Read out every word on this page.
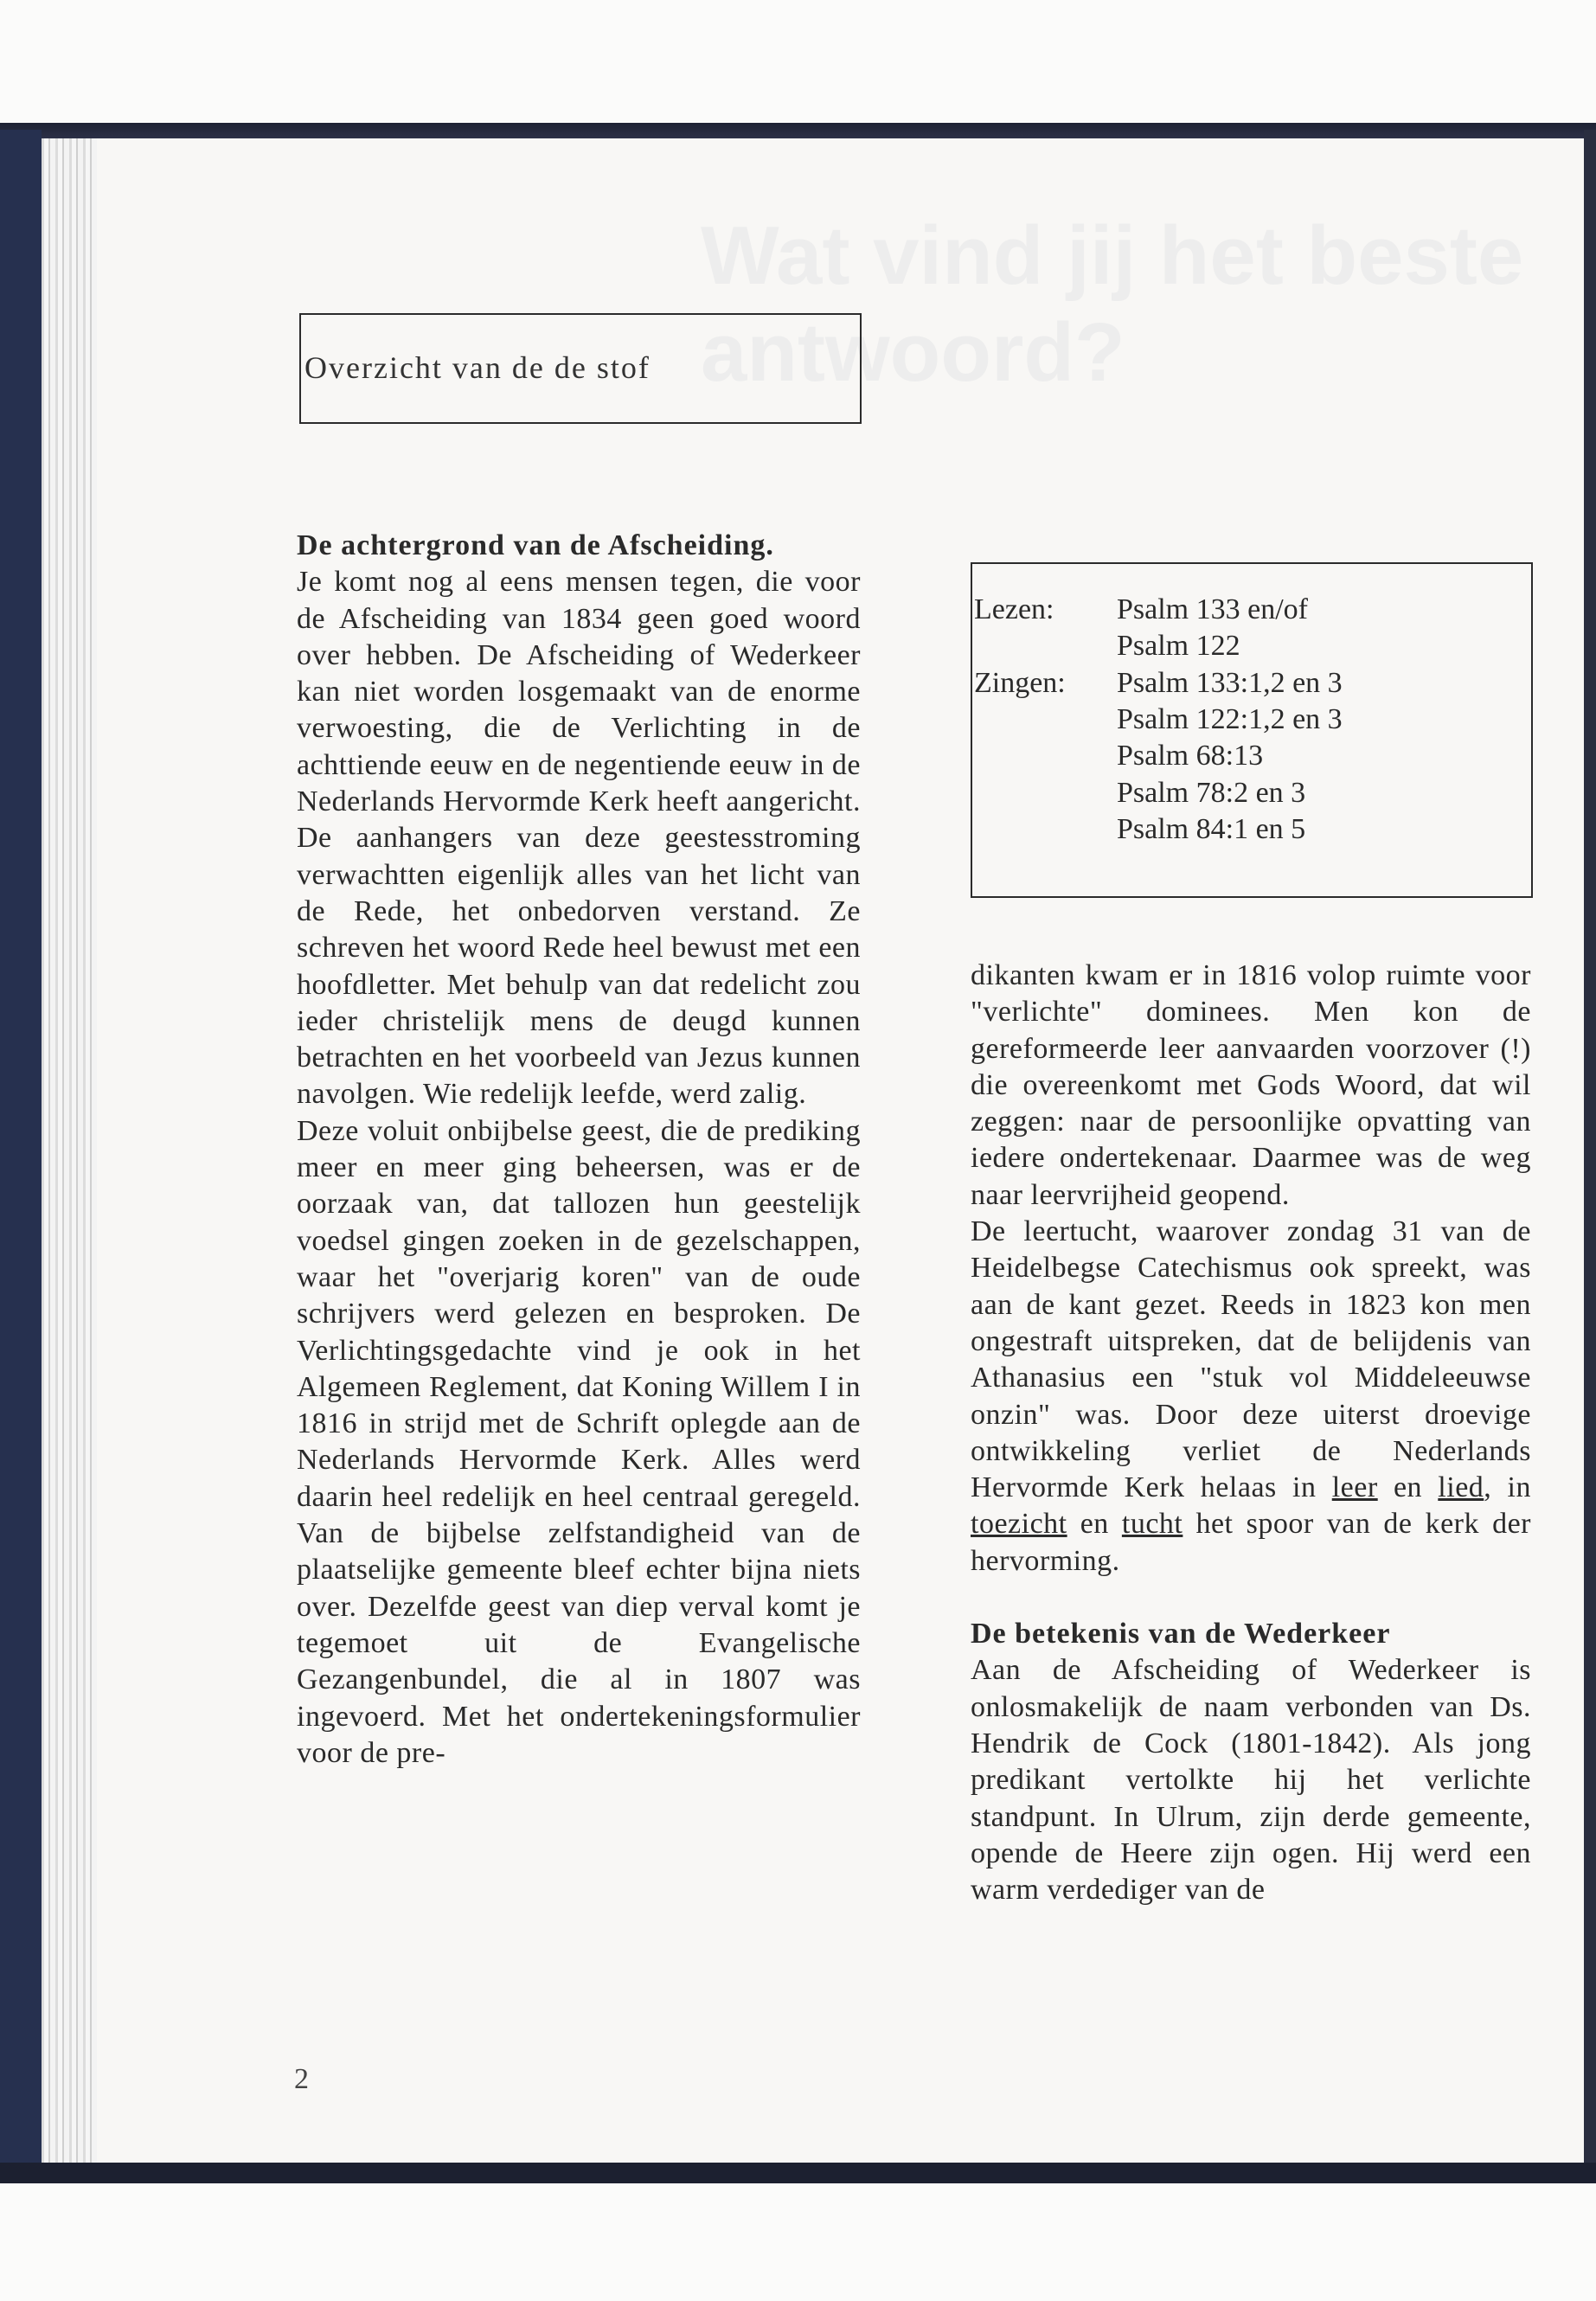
Wat vind jij het beste antwoord?
Overzicht van de de stof

De achtergrond van de Afscheiding.

Je komt nog al eens mensen tegen, die voor de Afscheiding van 1834 geen goed woord over hebben. De Afscheiding of Wederkeer kan niet worden losgemaakt van de enorme verwoesting, die de Verlichting in de achttiende eeuw en de negentiende eeuw in de Nederlands Hervormde Kerk heeft aangericht. De aanhangers van deze geestesstroming verwachtten eigenlijk alles van het licht van de Rede, het onbedorven verstand. Ze schreven het woord Rede heel bewust met een hoofdletter. Met behulp van dat redelicht zou ieder christelijk mens de deugd kunnen betrachten en het voorbeeld van Jezus kunnen navolgen. Wie redelijk leefde, werd zalig.

Deze voluit onbijbelse geest, die de prediking meer en meer ging beheersen, was er de oorzaak van, dat tallozen hun geestelijk voedsel gingen zoeken in de gezelschappen, waar het "overjarig koren" van de oude schrijvers werd gelezen en besproken. De Verlichtingsgedachte vind je ook in het Algemeen Reglement, dat Koning Willem I in 1816 in strijd met de Schrift oplegde aan de Nederlands Hervormde Kerk. Alles werd daarin heel redelijk en heel centraal geregeld. Van de bijbelse zelfstandigheid van de plaatselijke gemeente bleef echter bijna niets over. Dezelfde geest van diep verval komt je tegemoet uit de Evangelische Gezangenbundel, die al in 1807 was ingevoerd. Met het ondertekeningsformulier voor de pre-

Lezen: Psalm 133 en/of
Psalm 122
Zingen: Psalm 133:1,2 en 3
Psalm 122:1,2 en 3
Psalm 68:13
Psalm 78:2 en 3
Psalm 84:1 en 5

dikanten kwam er in 1816 volop ruimte voor "verlichte" dominees. Men kon de gereformeerde leer aanvaarden voorzover (!) die overeenkomt met Gods Woord, dat wil zeggen: naar de persoonlijke opvatting van iedere ondertekenaar. Daarmee was de weg naar leervrijheid geopend.

De leertucht, waarover zondag 31 van de Heidelbegse Catechismus ook spreekt, was aan de kant gezet. Reeds in 1823 kon men ongestraft uitspreken, dat de belijdenis van Athanasius een "stuk vol Middeleeuwse onzin" was. Door deze uiterst droevige ontwikkeling verliet de Nederlands Hervormde Kerk helaas in leer en lied, in toezicht en tucht het spoor van de kerk der hervorming.

De betekenis van de Wederkeer

Aan de Afscheiding of Wederkeer is onlosmakelijk de naam verbonden van Ds. Hendrik de Cock (1801-1842). Als jong predikant vertolkte hij het verlichte standpunt. In Ulrum, zijn derde gemeente, opende de Heere zijn ogen. Hij werd een warm verdediger van de

2
